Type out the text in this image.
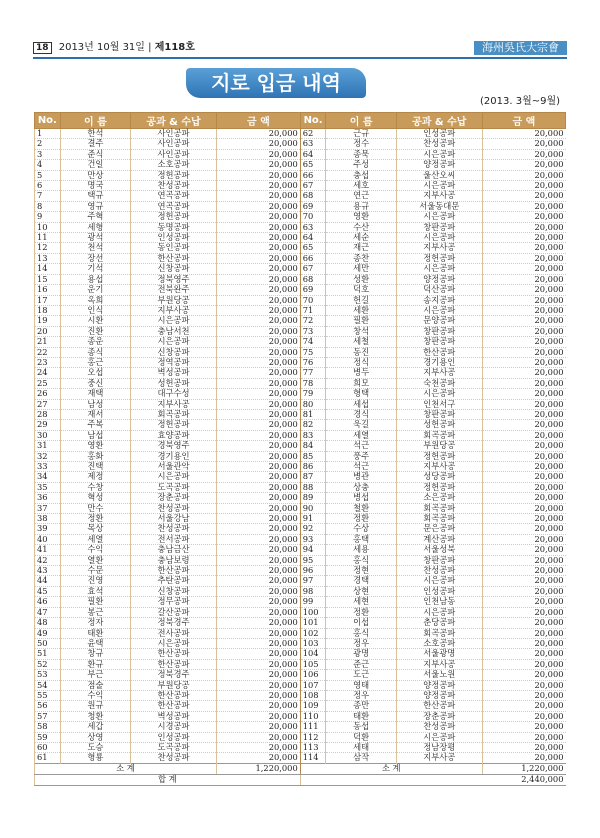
18 2013년 10월 31일 | 제118호	海州吳氏大宗會
지로 입금 내역
(2013. 3월~9월)
No.	이 름	공과 & 수납	금 액	No.	이 름	공과 & 수납	금 액
1	한석	사인공파	20,000	62	근규	인성공파	20,000
2	결주	사인공파	20,000	63	정수	찬성공파	20,000
3	준식	사인공파	20,000	64	종묵	시은공파	20,000
4	건일	소호공파	20,000	65	주성	양정공파	20,000
5	만상	정헌공파	20,000	66	충섭	울산오씨	20,000
6	명국	찬성공파	20,000	67	세호	시은공파	20,000
7	택규	연곡공파	20,000	68	연근	지부사공	20,000
8	영규	연곡공파	20,000	69	용규	서울동대문	20,000
9	주혁	정헌공파	20,000	70	영환	시은공파	20,000
10	세형	동명공파	20,000	63	수산	창판공파	20,000
11	광석	인성공파	20,000	64	세순	시은공파	20,000
12	천석	동인공파	20,000	65	재근	지부사공	20,000
13	장선	한산공파	20,000	66	종찬	정헌공파	20,000
14	기석	신창공파	20,000	67	세만	시은공파	20,000
15	용섭	정북영주	20,000	68	성환	양정공파	20,000
16	운기	전북완주	20,000	69	덕호	덕산공파	20,000
17	옥희	부원당공	20,000	70	헌길	송지공파	20,000
18	인식	지부사공	20,000	71	세환	시은공파	20,000
19	시환	시은공파	20,000	72	필환	문양공파	20,000
20	진환	충남서천	20,000	73	창석	창판공파	20,000
21	종운	시은공파	20,000	74	세철	창판공파	20,000
22	종식	신창공파	20,000	75	동진	한산공파	20,000
23	홍근	정역공파	20,000	76	정식	경기용인	20,000
24	오섭	벽성공파	20,000	77	병두	지부사공	20,000
25	중신	성헌공파	20,000	78	희모	숙천공파	20,000
26	재택	대구수성	20,000	79	형택	시은공파	20,000
27	남성	지부사공	20,000	80	세섭	인천서구	20,000
28	재서	회곡공파	20,000	81	경식	창판공파	20,000
29	주복	정헌공파	20,000	82	욱길	성헌공파	20,000
30	남섭	효양공파	20,000	83	세열	회곡공파	20,000
31	영환	경북영주	20,000	84	석근	부원당공	20,000
32	홍화	경기용인	20,000	85	풍주	정헌공파	20,000
33	진택	서울관악	20,000	86	석근	지부사공	20,000
34	제정	시은공파	20,000	87	병관	성당공파	20,000
35	수창	도곡공파	20,000	88	상충	정헌공파	20,000
36	혁성	장춘공파	20,000	89	병섭	소은공파	20,000
37	만수	찬성공파	20,000	90	철환	회곡공파	20,000
38	정환	서울강남	20,000	91	정환	회곡공파	20,000
39	목상	찬성공파	20,000	92	수상	문은공파	20,000
40	세열	전서공파	20,000	93	홍택	계산공파	20,000
41	수익	충남금산	20,000	94	세용	서울성북	20,000
42	열환	충남보령	20,000	95	홍식	창판공파	20,000
43	수문	한산공파	20,000	96	정현	찬성공파	20,000
44	진영	추탄공파	20,000	97	경택	시은공파	20,000
45	효석	신창공파	20,000	98	상현	인성공파	20,000
46	필환	정무공파	20,000	99	세현	인천남동	20,000
47	봉근	갈산공파	20,000	100	정환	시은공파	20,000
48	정자	정북경주	20,000	101	이섭	춘당공파	20,000
49	태환	전사공파	20,000	102	홍식	회곡공파	20,000
50	윤택	시은공파	20,000	103	정우	소호공파	20,000
51	창규	한산공파	20,000	104	광명	서울광명	20,000
52	환규	한산공파	20,000	105	준근	지부사공	20,000
53	부근	정북경주	20,000	106	도근	서울노원	20,000
54	점술	부원당공	20,000	107	영태	양정공파	20,000
55	수익	한산공파	20,000	108	정우	양정공파	20,000
56	원규	한산공파	20,000	109	종만	한산공파	20,000
57	청환	벽성공파	20,000	110	태환	장춘공파	20,000
58	세갑	시경공파	20,000	111	동섭	찬성공파	20,000
59	상영	인성공파	20,000	112	덕환	시은공파	20,000
60	도승	도곡공파	20,000	113	세태	정남장평	20,000
61	형룡	찬성공파	20,000	114	삼작	지부사공	20,000
소 계			1,220,000	소 계			1,220,000
합 계				2,440,000			
